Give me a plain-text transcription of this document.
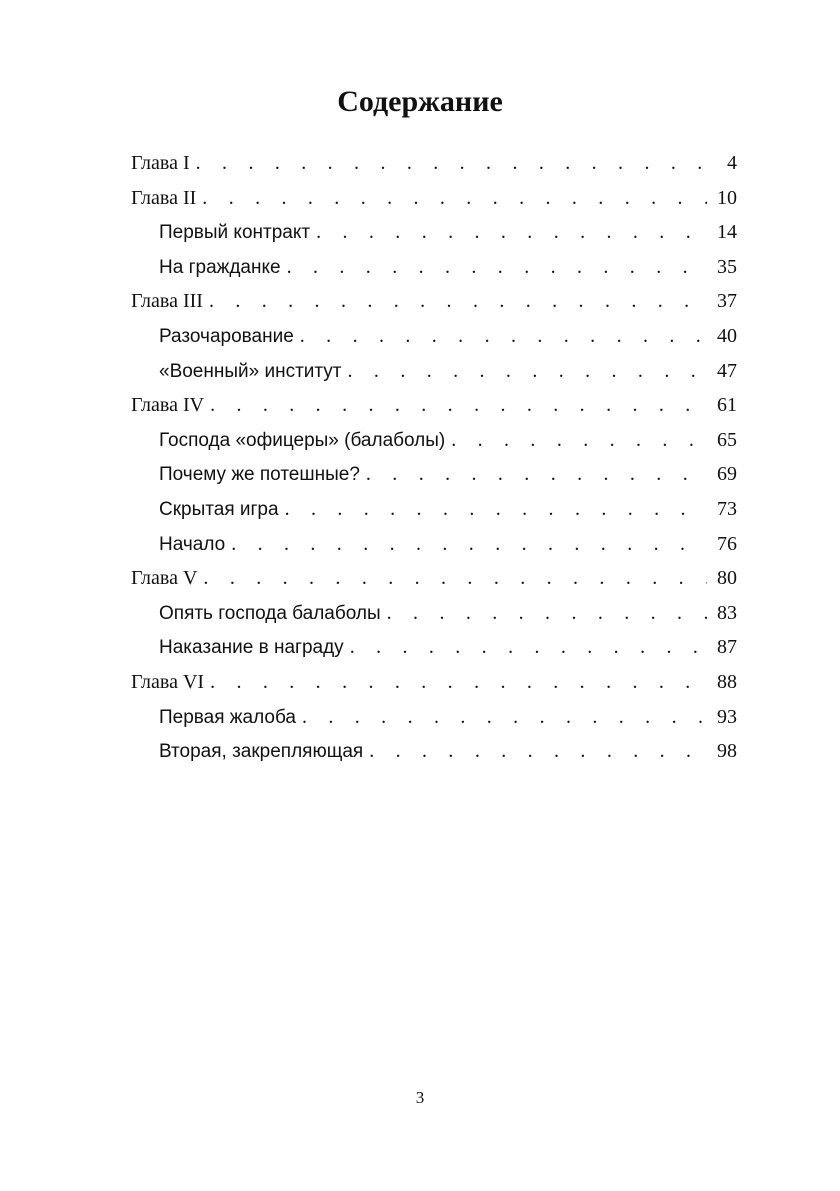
Содержание
Глава I . . .	4
Глава II . . .	10
Первый контракт . . .	14
На гражданке . . .	35
Глава III . . .	37
Разочарование . . .	40
«Военный» институт . . .	47
Глава IV . . .	61
Господа «офицеры» (балаболы) . . .	65
Почему же потешные? . . .	69
Скрытая игра . . .	73
Начало . . .	76
Глава V . . .	80
Опять господа балаболы . . .	83
Наказание в награду . . .	87
Глава VI . . .	88
Первая жалоба . . .	93
Вторая, закрепляющая . . .	98
3
